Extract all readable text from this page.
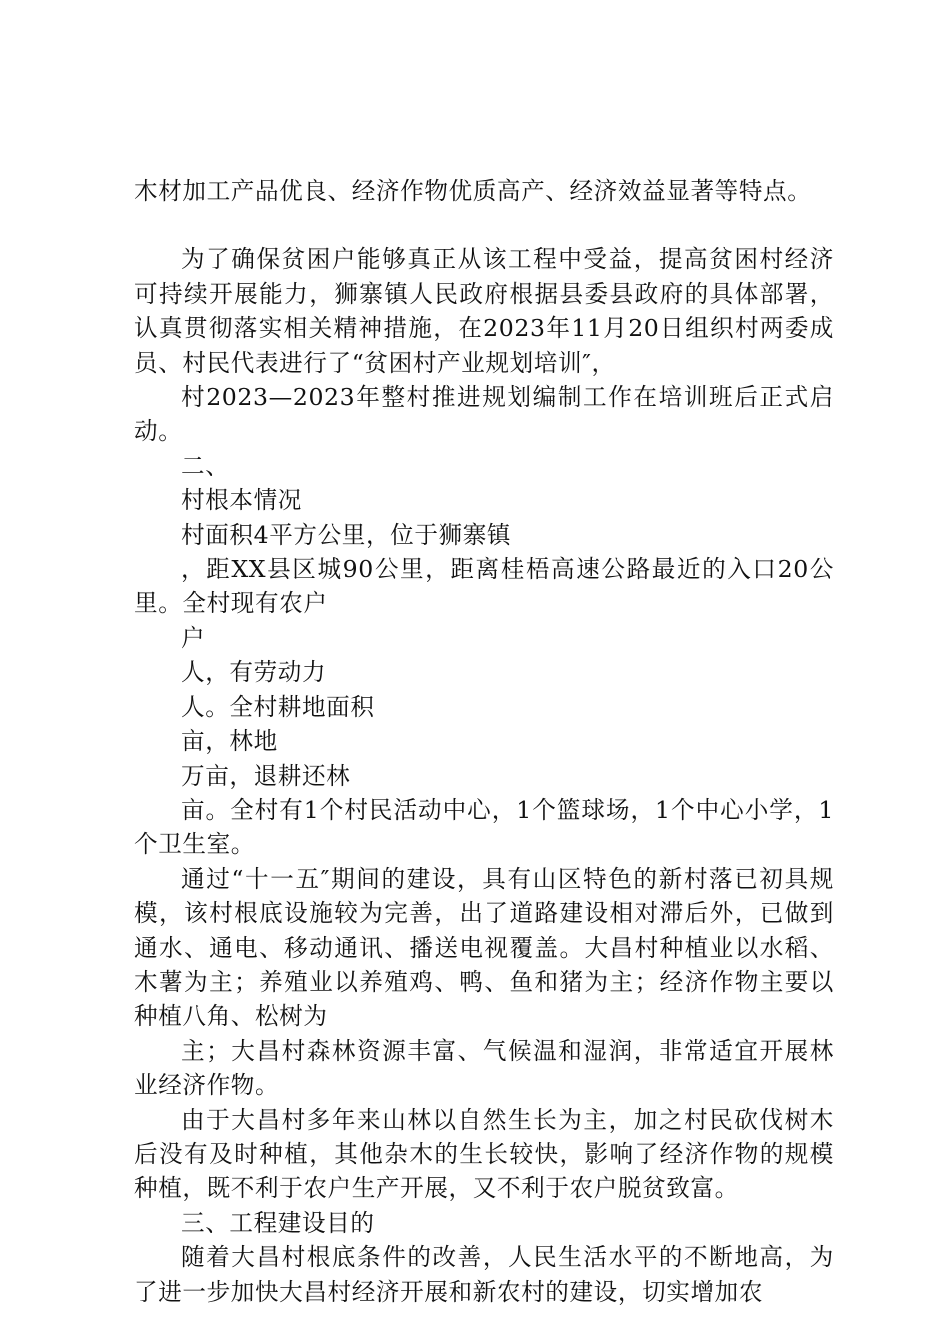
木材加工产品优良、经济作物优质高产、经济效益显著等特点。

为了确保贫困户能够真正从该工程中受益，提高贫困村经济可持续开展能力，狮寨镇人民政府根据县委县政府的具体部署，认真贯彻落实相关精神措施，在2023年11月20日组织村两委成员、村民代表进行了“贫困村产业规划培训″，

村2023—2023年整村推进规划编制工作在培训班后正式启动。

二、

村根本情况

村面积4平方公里，位于狮寨镇

，距XX县区城90公里，距离桂梧高速公路最近的入口20公里。全村现有农户

户

人，有劳动力

人。全村耕地面积

亩，林地

万亩，退耕还林

亩。全村有1个村民活动中心，1个篮球场，1个中心小学，1个卫生室。

通过“十一五″期间的建设，具有山区特色的新村落已初具规模，该村根底设施较为完善，出了道路建设相对滞后外，已做到通水、通电、移动通讯、播送电视覆盖。大昌村种植业以水稻、木薯为主；养殖业以养殖鸡、鸭、鱼和猪为主；经济作物主要以种植八角、松树为

主；大昌村森林资源丰富、气候温和湿润，非常适宜开展林业经济作物。

由于大昌村多年来山林以自然生长为主，加之村民砍伐树木后没有及时种植，其他杂木的生长较快，影响了经济作物的规模种植，既不利于农户生产开展，又不利于农户脱贫致富。

三、工程建设目的

随着大昌村根底条件的改善，人民生活水平的不断地高，为了进一步加快大昌村经济开展和新农村的建设，切实增加农
